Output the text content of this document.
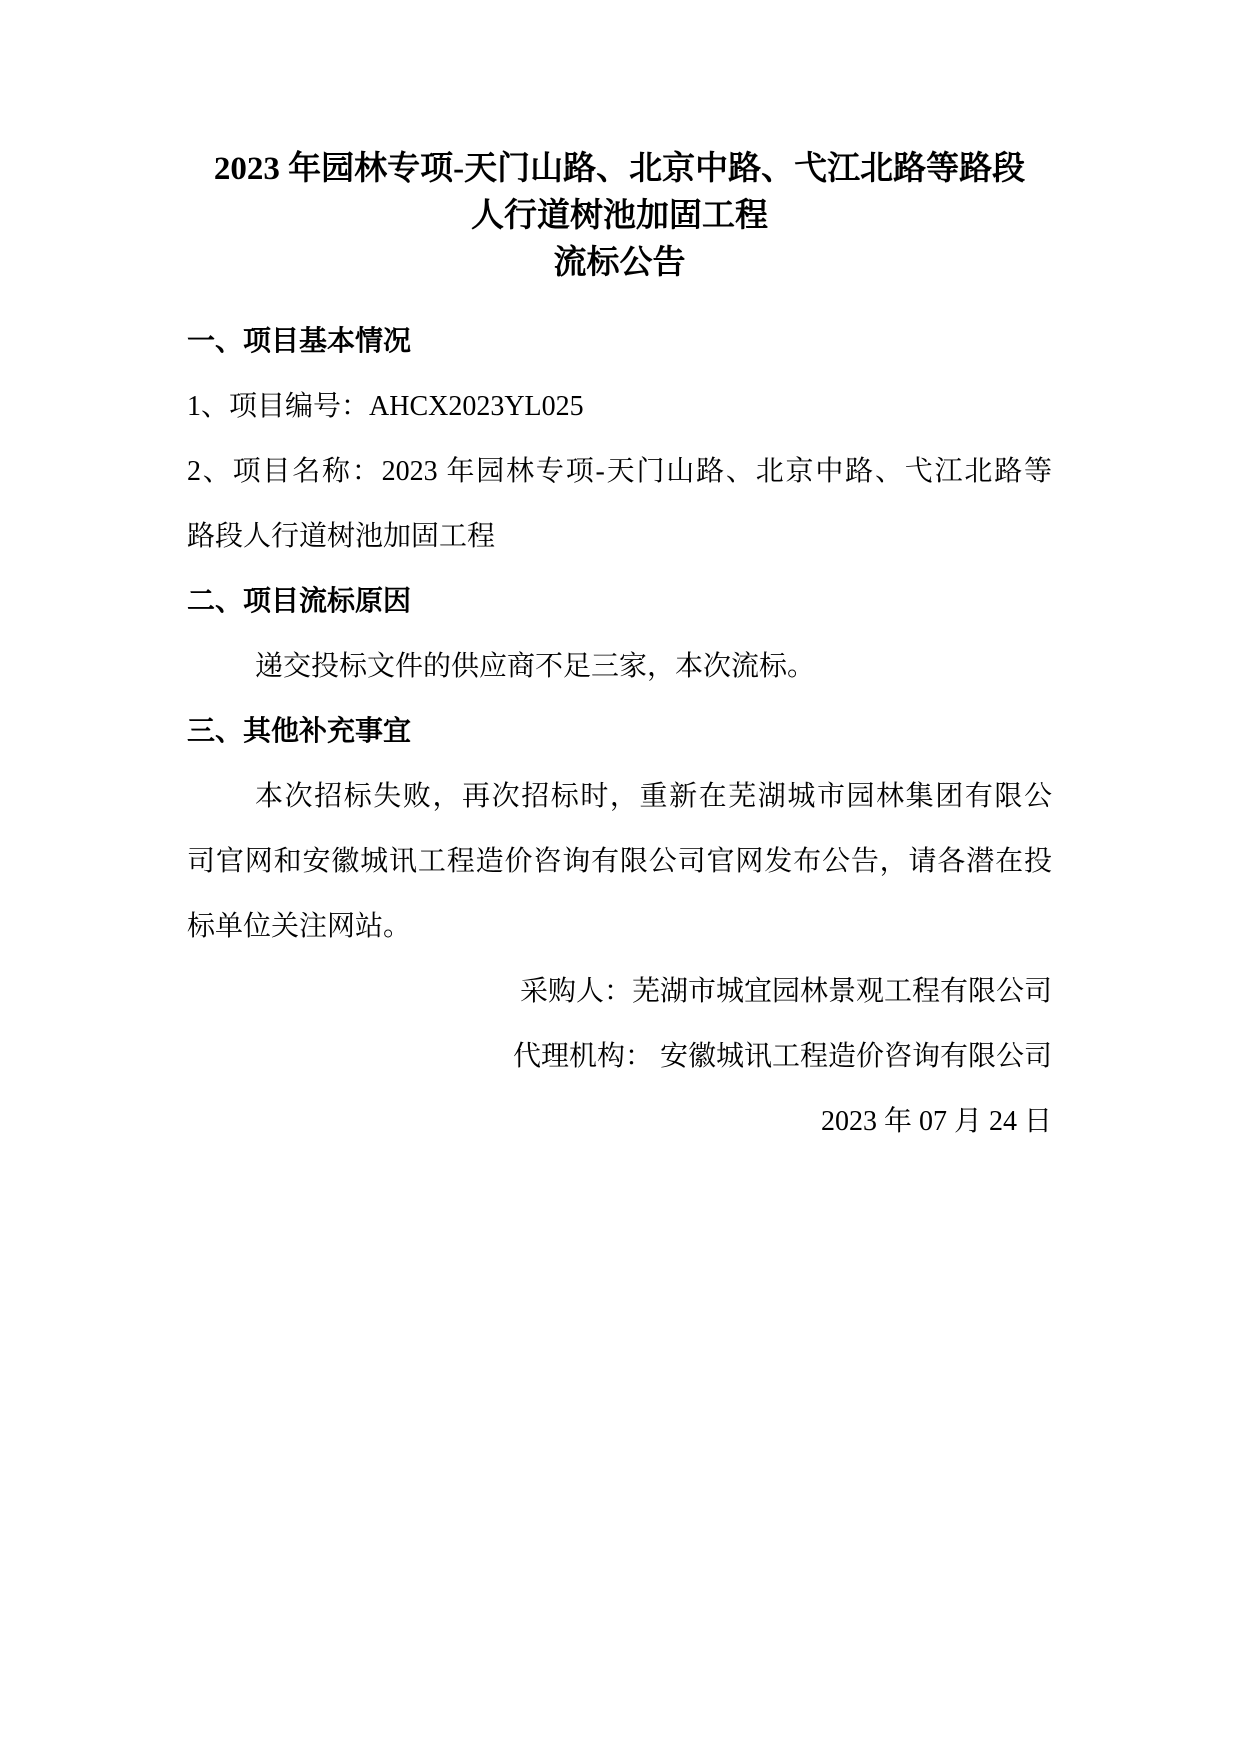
2023 年园林专项-天门山路、北京中路、弋江北路等路段
人行道树池加固工程
流标公告
一、项目基本情况
1、项目编号：AHCX2023YL025
2、项目名称：2023 年园林专项-天门山路、北京中路、弋江北路等
路段人行道树池加固工程
二、项目流标原因
递交投标文件的供应商不足三家，本次流标。
三、其他补充事宜
本次招标失败，再次招标时，重新在芜湖城市园林集团有限公
司官网和安徽城讯工程造价咨询有限公司官网发布公告，请各潜在投
标单位关注网站。
采购人：芜湖市城宜园林景观工程有限公司
代理机构： 安徽城讯工程造价咨询有限公司
2023 年 07 月 24 日
